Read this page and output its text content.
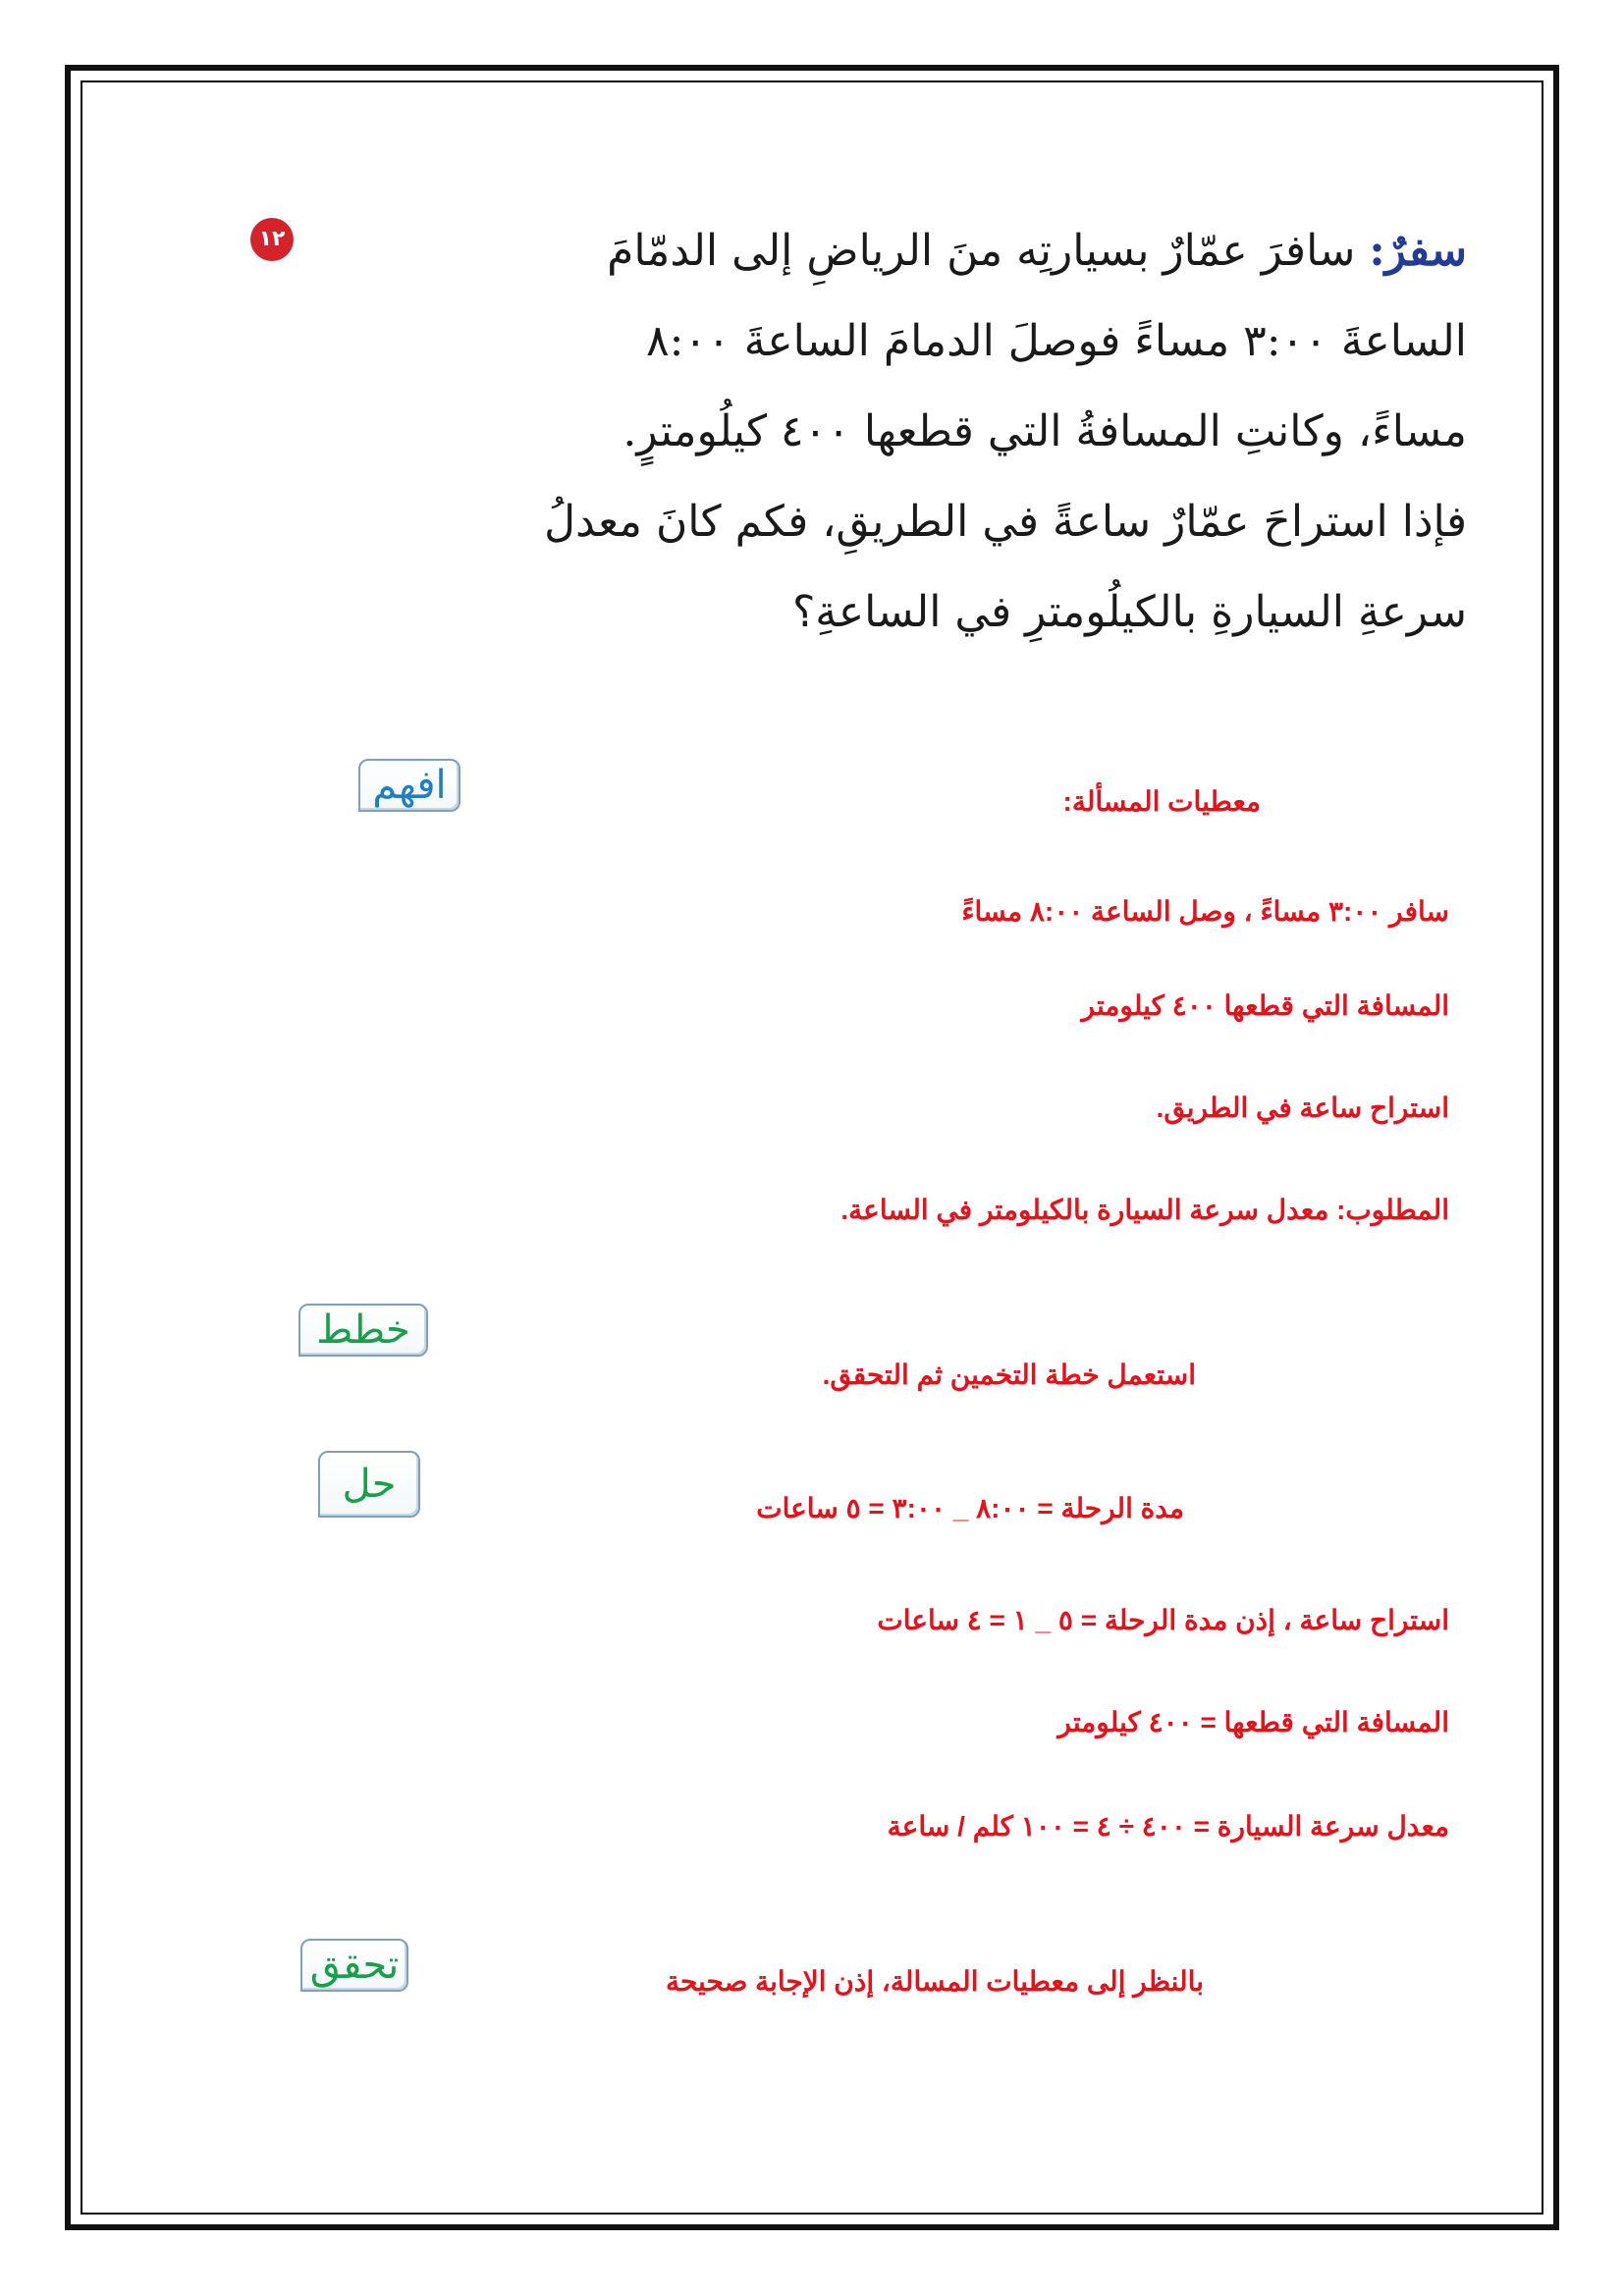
١٢	سفرٌ: سافرَ عمّارٌ بسيارتِه منَ الرياضِ إلى الدمّامَ
الساعةَ ٣:٠٠ مساءً فوصلَ الدمامَ الساعةَ ٨:٠٠
مساءً، وكانتِ المسافةُ التي قطعها ٤٠٠ كيلُومترٍ.
فإذا استراحَ عمّارٌ ساعةً في الطريقِ، فكم كانَ معدلُ
سرعةِ السيارةِ بالكيلُومترِ في الساعةِ؟
افهم	معطيات المسألة:
سافر ٣:٠٠ مساءً ، وصل الساعة ٨:٠٠ مساءً
المسافة التي قطعها ٤٠٠ كيلومتر
استراح ساعة في الطريق.
المطلوب: معدل سرعة السيارة بالكيلومتر في الساعة.
خطط
استعمل خطة التخمين ثم التحقق.
حل
مدة الرحلة = ٨:٠٠ _ ٣:٠٠ = ٥ ساعات
استراح ساعة ، إذن مدة الرحلة = ٥ _ ١ = ٤ ساعات
المسافة التي قطعها = ٤٠٠ كيلومتر
معدل سرعة السيارة = ٤٠٠ ÷ ٤ = ١٠٠ كلم / ساعة
تحقق	بالنظر إلى معطيات المسالة، إذن الإجابة صحيحة
